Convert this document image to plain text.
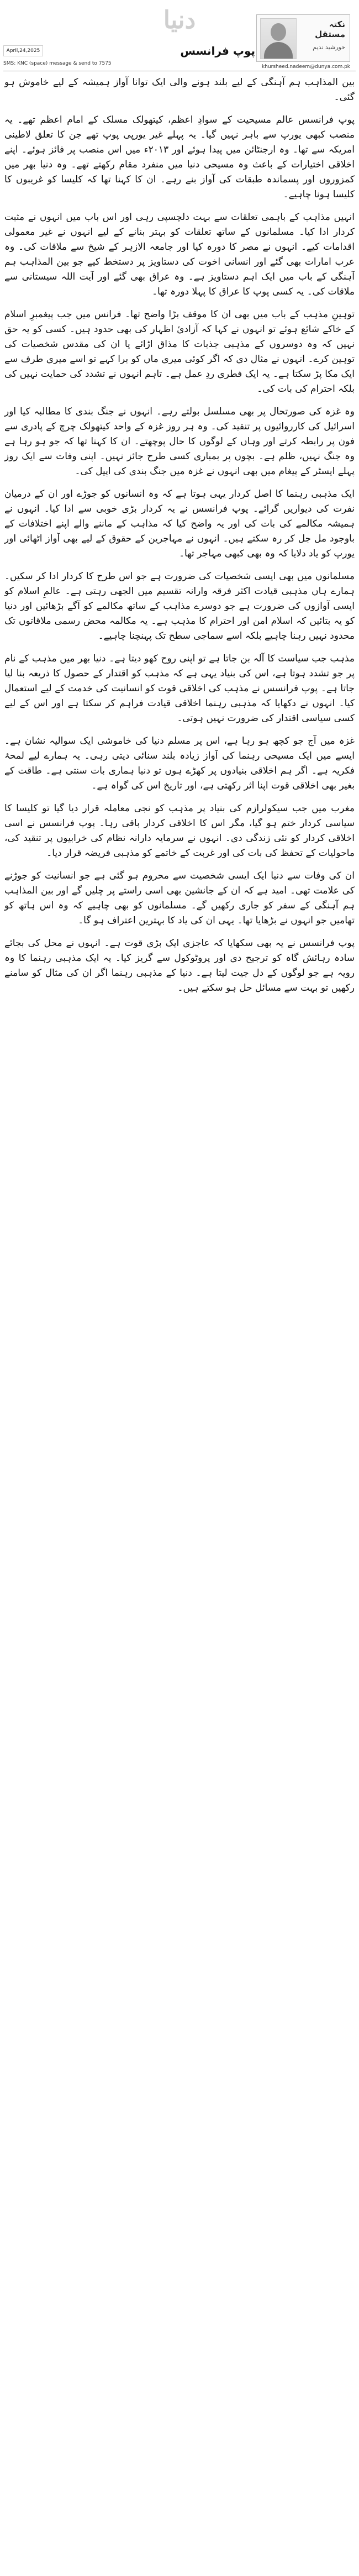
دنیا	نکتہ مستقل
خورشید ندیم
April,24,2025	پوپ فرانسس
SMS: KNC (space) message & send to 7575
khursheed.nadeem@dunya.com.pk

بین المذاہب ہم آہنگی کے لیے بلند ہونے والی ایک توانا آواز ہمیشہ کے لیے خاموش ہو گئی۔

پوپ فرانسس عالم مسیحیت کے سوادِ اعظم، کیتھولک مسلک کے امام اعظم تھے۔ یہ منصب کبھی یورپ سے باہر نہیں گیا۔ یہ پہلے غیر یورپی پوپ تھے جن کا تعلق لاطینی امریکہ سے تھا۔ وہ ارجنٹائن میں پیدا ہوئے اور ۲۰۱۳ء میں اس منصب پر فائز ہوئے۔ اپنے اخلاقی اختیارات کے باعث وہ مسیحی دنیا میں منفرد مقام رکھتے تھے۔ وہ دنیا بھر میں کمزوروں اور پسماندہ طبقات کی آواز بنے رہے۔ ان کا کہنا تھا کہ کلیسا کو غریبوں کا کلیسا ہونا چاہیے۔

انہیں مذاہب کے باہمی تعلقات سے بہت دلچسپی رہی اور اس باب میں انہوں نے مثبت کردار ادا کیا۔ مسلمانوں کے ساتھ تعلقات کو بہتر بنانے کے لیے انہوں نے غیر معمولی اقدامات کیے۔ انہوں نے مصر کا دورہ کیا اور جامعہ الازہر کے شیخ سے ملاقات کی۔ وہ عرب امارات بھی گئے اور انسانی اخوت کی دستاویز پر دستخط کیے جو بین المذاہب ہم آہنگی کے باب میں ایک اہم دستاویز ہے۔ وہ عراق بھی گئے اور آیت اللہ سیستانی سے ملاقات کی۔ یہ کسی پوپ کا عراق کا پہلا دورہ تھا۔

توہینِ مذہب کے باب میں بھی ان کا موقف بڑا واضح تھا۔ فرانس میں جب پیغمبرِ اسلام کے خاکے شائع ہوئے تو انہوں نے کہا کہ آزادیٔ اظہار کی بھی حدود ہیں۔ کسی کو یہ حق نہیں کہ وہ دوسروں کے مذہبی جذبات کا مذاق اڑائے یا ان کی مقدس شخصیات کی توہین کرے۔ انہوں نے مثال دی کہ اگر کوئی میری ماں کو برا کہے تو اسے میری طرف سے ایک مکا پڑ سکتا ہے۔ یہ ایک فطری ردِ عمل ہے۔ تاہم انہوں نے تشدد کی حمایت نہیں کی بلکہ احترام کی بات کی۔

وہ غزہ کی صورتحال پر بھی مسلسل بولتے رہے۔ انہوں نے جنگ بندی کا مطالبہ کیا اور اسرائیل کی کارروائیوں پر تنقید کی۔ وہ ہر روز غزہ کے واحد کیتھولک چرچ کے پادری سے فون پر رابطہ کرتے اور وہاں کے لوگوں کا حال پوچھتے۔ ان کا کہنا تھا کہ جو ہو رہا ہے وہ جنگ نہیں، ظلم ہے۔ بچوں پر بمباری کسی طرح جائز نہیں۔ اپنی وفات سے ایک روز پہلے ایسٹر کے پیغام میں بھی انہوں نے غزہ میں جنگ بندی کی اپیل کی۔

ایک مذہبی رہنما کا اصل کردار یہی ہوتا ہے کہ وہ انسانوں کو جوڑے اور ان کے درمیان نفرت کی دیواریں گرائے۔ پوپ فرانسس نے یہ کردار بڑی خوبی سے ادا کیا۔ انہوں نے ہمیشہ مکالمے کی بات کی اور یہ واضح کیا کہ مذاہب کے ماننے والے اپنے اختلافات کے باوجود مل جل کر رہ سکتے ہیں۔ انہوں نے مہاجرین کے حقوق کے لیے بھی آواز اٹھائی اور یورپ کو یاد دلایا کہ وہ بھی کبھی مہاجر تھا۔

مسلمانوں میں بھی ایسی شخصیات کی ضرورت ہے جو اس طرح کا کردار ادا کر سکیں۔ ہمارے ہاں مذہبی قیادت اکثر فرقہ وارانہ تقسیم میں الجھی رہتی ہے۔ عالمِ اسلام کو ایسی آوازوں کی ضرورت ہے جو دوسرے مذاہب کے ساتھ مکالمے کو آگے بڑھائیں اور دنیا کو یہ بتائیں کہ اسلام امن اور احترام کا مذہب ہے۔ یہ مکالمہ محض رسمی ملاقاتوں تک محدود نہیں رہنا چاہیے بلکہ اسے سماجی سطح تک پہنچنا چاہیے۔

مذہب جب سیاست کا آلہ بن جاتا ہے تو اپنی روح کھو دیتا ہے۔ دنیا بھر میں مذہب کے نام پر جو تشدد ہوتا ہے، اس کی بنیاد یہی ہے کہ مذہب کو اقتدار کے حصول کا ذریعہ بنا لیا جاتا ہے۔ پوپ فرانسس نے مذہب کی اخلاقی قوت کو انسانیت کی خدمت کے لیے استعمال کیا۔ انہوں نے دکھایا کہ مذہبی رہنما اخلاقی قیادت فراہم کر سکتا ہے اور اس کے لیے کسی سیاسی اقتدار کی ضرورت نہیں ہوتی۔

غزہ میں آج جو کچھ ہو رہا ہے، اس پر مسلم دنیا کی خاموشی ایک سوالیہ نشان ہے۔ ایسے میں ایک مسیحی رہنما کی آواز زیادہ بلند سنائی دیتی رہی۔ یہ ہمارے لیے لمحۂ فکریہ ہے۔ اگر ہم اخلاقی بنیادوں پر کھڑے ہوں تو دنیا ہماری بات سنتی ہے۔ طاقت کے بغیر بھی اخلاقی قوت اپنا اثر رکھتی ہے، اور تاریخ اس کی گواہ ہے۔

مغرب میں جب سیکولرازم کی بنیاد پر مذہب کو نجی معاملہ قرار دیا گیا تو کلیسا کا سیاسی کردار ختم ہو گیا، مگر اس کا اخلاقی کردار باقی رہا۔ پوپ فرانسس نے اسی اخلاقی کردار کو نئی زندگی دی۔ انہوں نے سرمایہ دارانہ نظام کی خرابیوں پر تنقید کی، ماحولیات کے تحفظ کی بات کی اور غربت کے خاتمے کو مذہبی فریضہ قرار دیا۔

ان کی وفات سے دنیا ایک ایسی شخصیت سے محروم ہو گئی ہے جو انسانیت کو جوڑنے کی علامت تھی۔ امید ہے کہ ان کے جانشین بھی اسی راستے پر چلیں گے اور بین المذاہب ہم آہنگی کے سفر کو جاری رکھیں گے۔ مسلمانوں کو بھی چاہیے کہ وہ اس ہاتھ کو تھامیں جو انہوں نے بڑھایا تھا۔ یہی ان کی یاد کا بہترین اعتراف ہو گا۔

پوپ فرانسس نے یہ بھی سکھایا کہ عاجزی ایک بڑی قوت ہے۔ انہوں نے محل کی بجائے سادہ رہائش گاہ کو ترجیح دی اور پروٹوکول سے گریز کیا۔ یہ ایک مذہبی رہنما کا وہ رویہ ہے جو لوگوں کے دل جیت لیتا ہے۔ دنیا کے مذہبی رہنما اگر ان کی مثال کو سامنے رکھیں تو بہت سے مسائل حل ہو سکتے ہیں۔
